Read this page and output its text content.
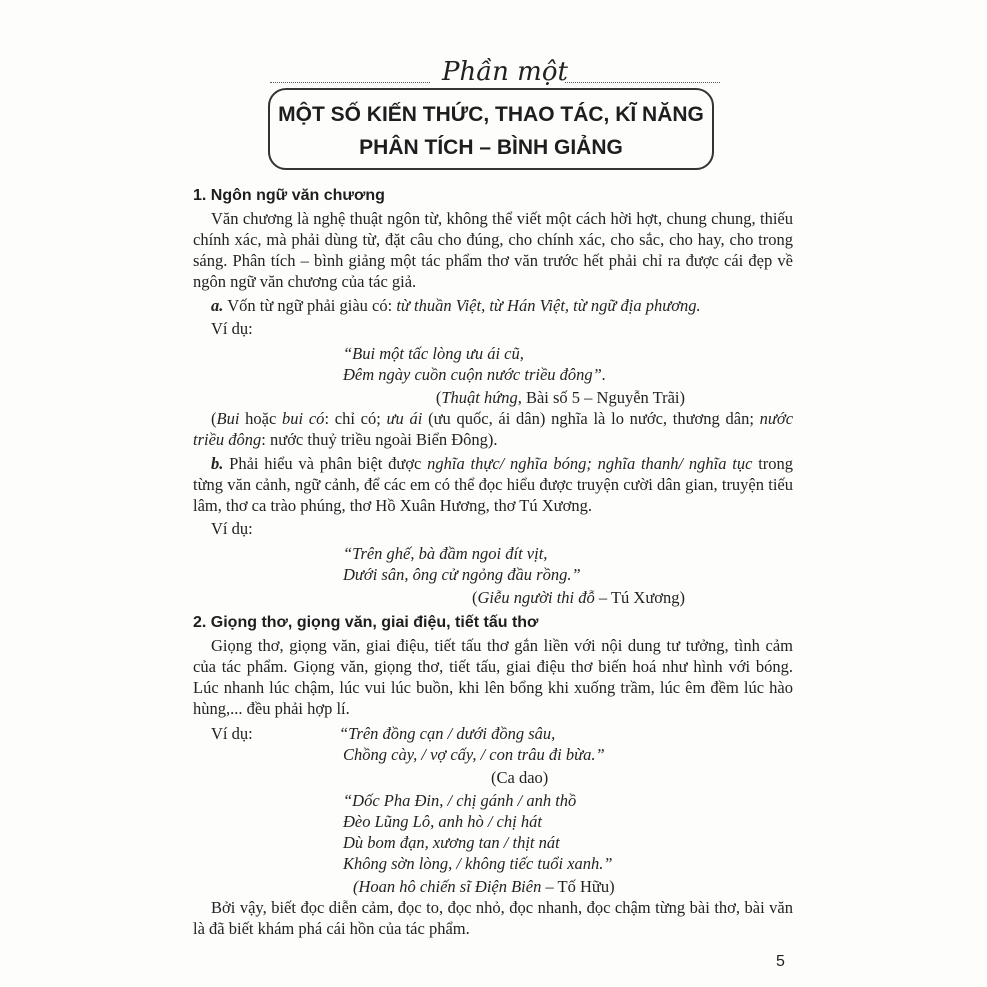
Phần một
MỘT SỐ KIẾN THỨC, THAO TÁC, KĨ NĂNG
PHÂN TÍCH – BÌNH GIẢNG
1. Ngôn ngữ văn chương

Văn chương là nghệ thuật ngôn từ, không thể viết một cách hời hợt, chung chung, thiếu chính xác, mà phải dùng từ, đặt câu cho đúng, cho chính xác, cho sắc, cho hay, cho trong sáng. Phân tích – bình giảng một tác phẩm thơ văn trước hết phải chỉ ra được cái đẹp về ngôn ngữ văn chương của tác giả.

a. Vốn từ ngữ phải giàu có: từ thuần Việt, từ Hán Việt, từ ngữ địa phương.

Ví dụ:
“Bui một tấc lòng ưu ái cũ,
Đêm ngày cuồn cuộn nước triều đông”.
(Thuật hứng, Bài số 5 – Nguyễn Trãi)

(Bui hoặc bui có: chỉ có; ưu ái (ưu quốc, ái dân) nghĩa là lo nước, thương dân; nước triều đông: nước thuỷ triều ngoài Biển Đông).

b. Phải hiểu và phân biệt được nghĩa thực/ nghĩa bóng; nghĩa thanh/ nghĩa tục trong từng văn cảnh, ngữ cảnh, để các em có thể đọc hiểu được truyện cười dân gian, truyện tiếu lâm, thơ ca trào phúng, thơ Hồ Xuân Hương, thơ Tú Xương.

Ví dụ:
“Trên ghế, bà đầm ngoi đít vịt,
Dưới sân, ông cử ngỏng đầu rồng.”
(Giễu người thi đỗ – Tú Xương)
2. Giọng thơ, giọng văn, giai điệu, tiết tấu thơ

Giọng thơ, giọng văn, giai điệu, tiết tấu thơ gắn liền với nội dung tư tưởng, tình cảm của tác phẩm. Giọng văn, giọng thơ, tiết tấu, giai điệu thơ biến hoá như hình với bóng. Lúc nhanh lúc chậm, lúc vui lúc buồn, khi lên bổng khi xuống trầm, lúc êm đềm lúc hào hùng,... đều phải hợp lí.

Ví dụ:	“Trên đồng cạn / dưới đồng sâu,
Chồng cày, / vợ cấy, / con trâu đi bừa.”
(Ca dao)
“Dốc Pha Đin, / chị gánh / anh thồ
Đèo Lũng Lô, anh hò / chị hát
Dù bom đạn, xương tan / thịt nát
Không sờn lòng, / không tiếc tuổi xanh.”
(Hoan hô chiến sĩ Điện Biên – Tố Hữu)

Bởi vậy, biết đọc diễn cảm, đọc to, đọc nhỏ, đọc nhanh, đọc chậm từng bài thơ, bài văn là đã biết khám phá cái hồn của tác phẩm.

5
